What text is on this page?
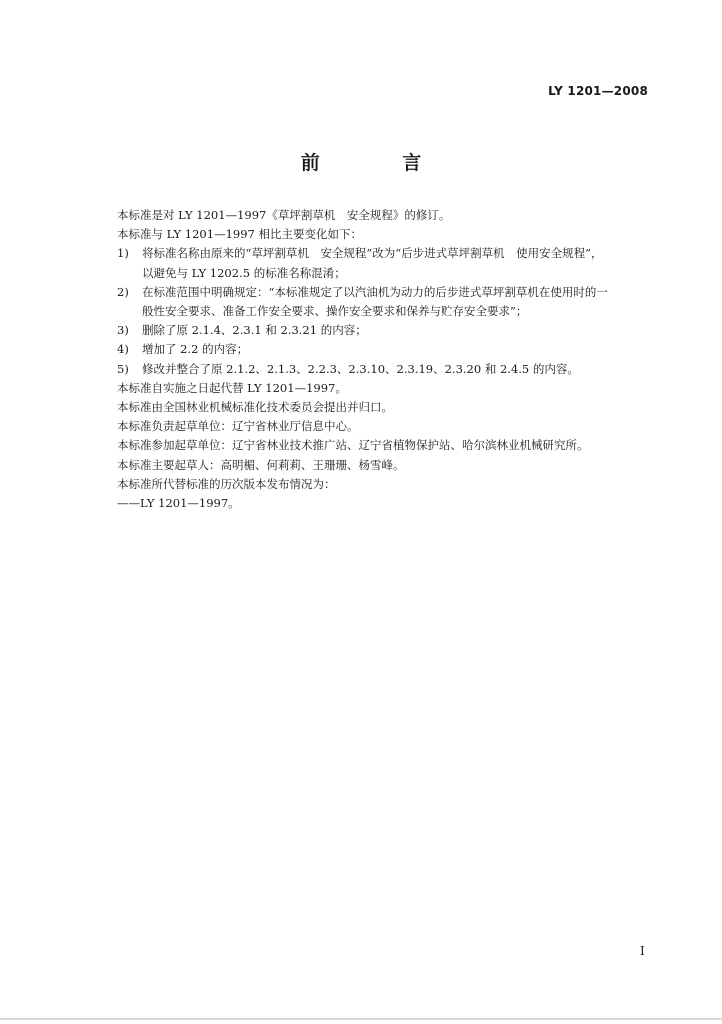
LY 1201—2008
前 言

本标准是对 LY 1201—1997《草坪割草机　安全规程》的修订。

本标准与 LY 1201—1997 相比主要变化如下：

1)	将标准名称由原来的“草坪割草机　安全规程”改为“后步进式草坪割草机　使用安全规程”，
以避免与 LY 1202.5 的标准名称混淆；
2)	在标准范围中明确规定：“本标准规定了以汽油机为动力的后步进式草坪割草机在使用时的一
般性安全要求、准备工作安全要求、操作安全要求和保养与贮存安全要求”；
3)	删除了原 2.1.4、2.3.1 和 2.3.21 的内容；
4)	增加了 2.2 的内容；
5)	修改并整合了原 2.1.2、2.1.3、2.2.3、2.3.10、2.3.19、2.3.20 和 2.4.5 的内容。

本标准自实施之日起代替 LY 1201—1997。

本标准由全国林业机械标准化技术委员会提出并归口。

本标准负责起草单位：辽宁省林业厅信息中心。

本标准参加起草单位：辽宁省林业技术推广站、辽宁省植物保护站、哈尔滨林业机械研究所。

本标准主要起草人：高明楣、何莉莉、王珊珊、杨雪峰。

本标准所代替标准的历次版本发布情况为：

——LY 1201—1997。

I
